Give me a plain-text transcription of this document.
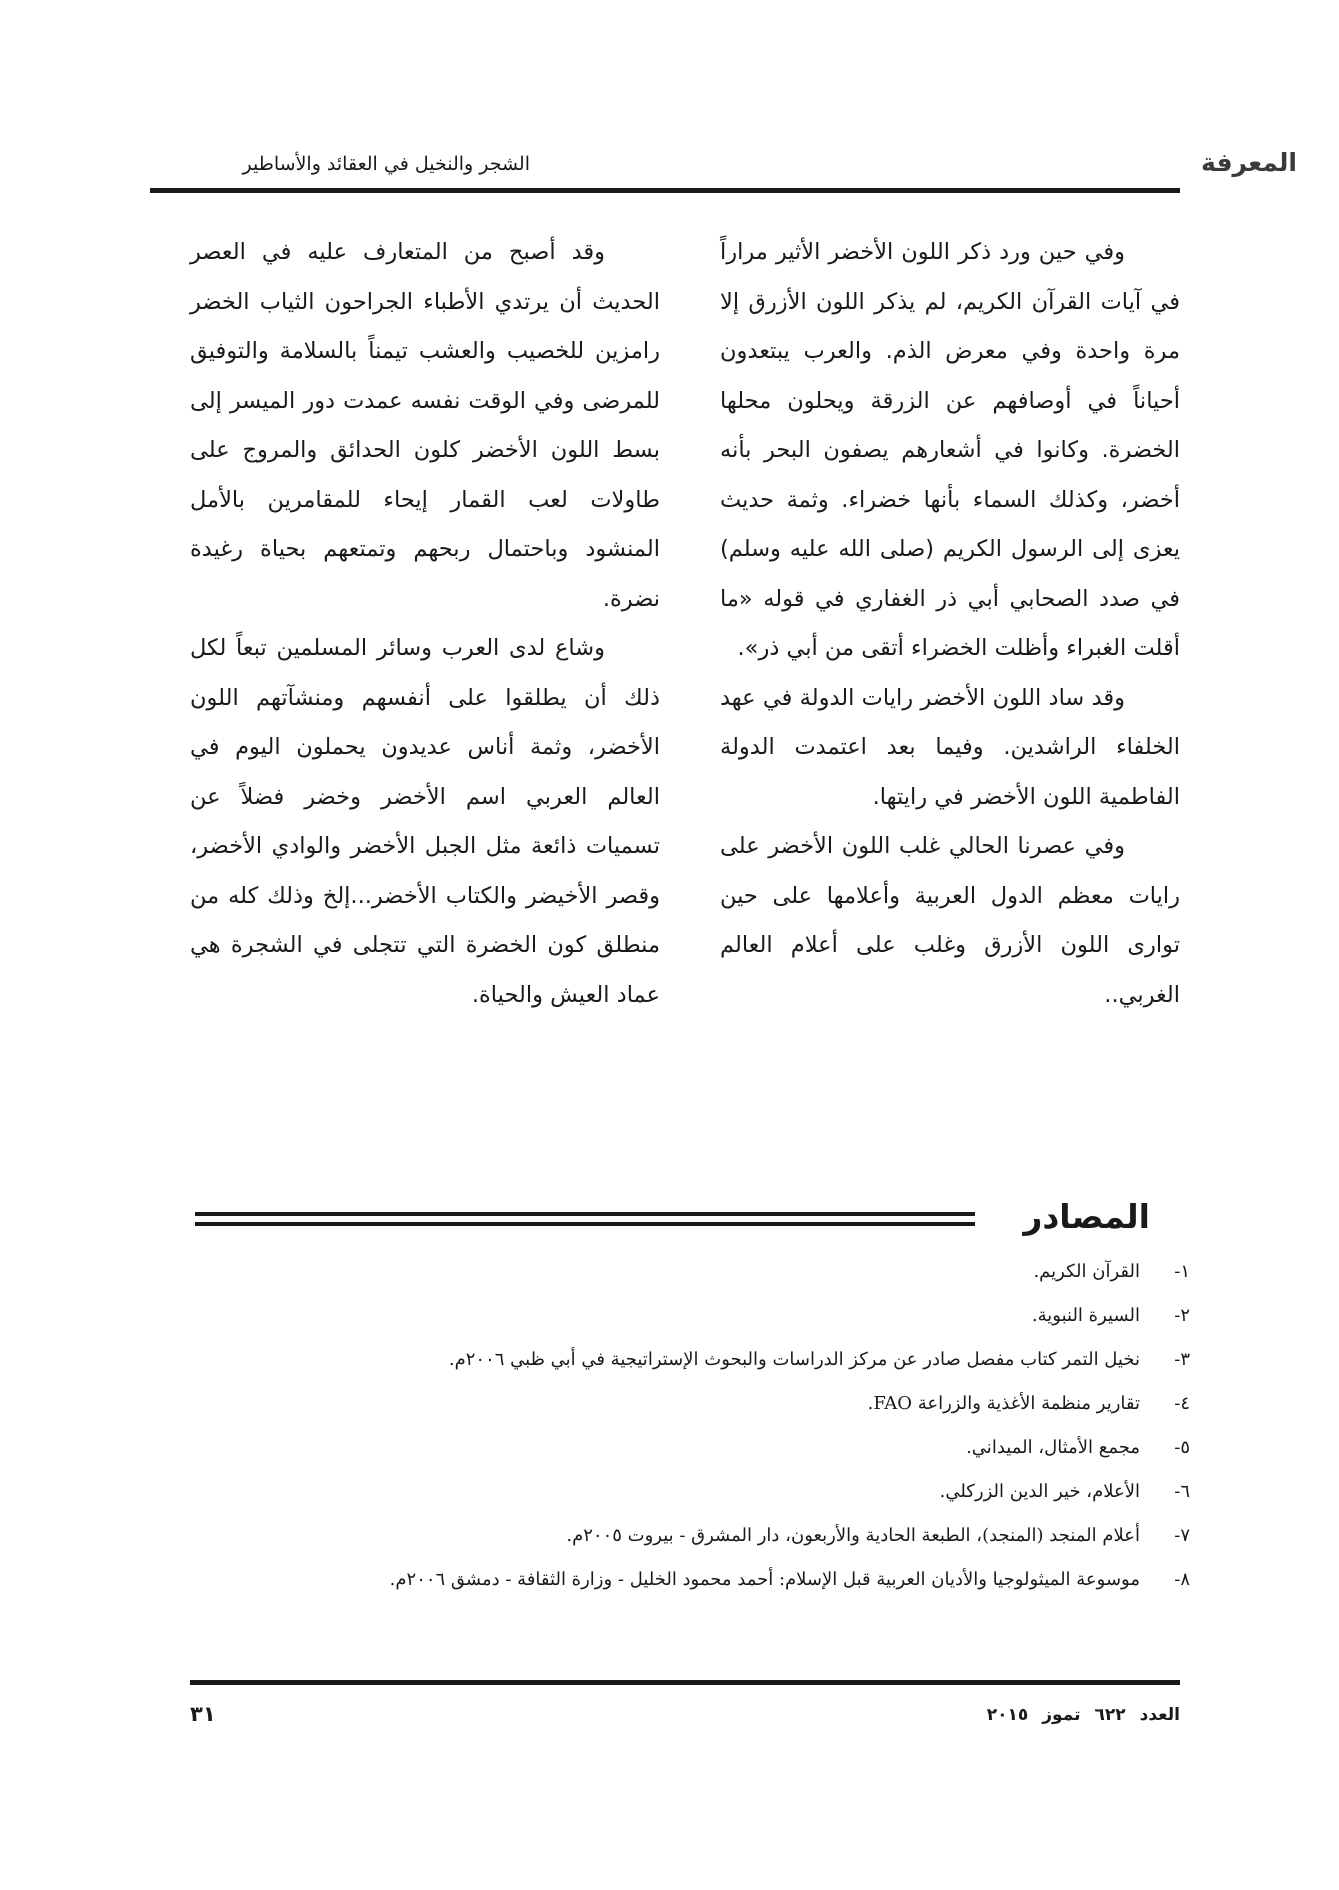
المعرفة
الشجر والنخيل في العقائد والأساطير

وفي حين ورد ذكر اللون الأخضر الأثير مراراً في آيات القرآن الكريم، لم يذكر اللون الأزرق إلا مرة واحدة وفي معرض الذم. والعرب يبتعدون أحياناً في أوصافهم عن الزرقة ويحلون محلها الخضرة. وكانوا في أشعارهم يصفون البحر بأنه أخضر، وكذلك السماء بأنها خضراء. وثمة حديث يعزى إلى الرسول الكريم (صلى الله عليه وسلم) في صدد الصحابي أبي ذر الغفاري في قوله «ما أقلت الغبراء وأظلت الخضراء أتقى من أبي ذر».

وقد ساد اللون الأخضر رايات الدولة في عهد الخلفاء الراشدين. وفيما بعد اعتمدت الدولة الفاطمية اللون الأخضر في رايتها.

وفي عصرنا الحالي غلب اللون الأخضر على رايات معظم الدول العربية وأعلامها على حين توارى اللون الأزرق وغلب على أعلام العالم الغربي..

وقد أصبح من المتعارف عليه في العصر الحديث أن يرتدي الأطباء الجراحون الثياب الخضر رامزين للخصيب والعشب تيمناً بالسلامة والتوفيق للمرضى وفي الوقت نفسه عمدت دور الميسر إلى بسط اللون الأخضر كلون الحدائق والمروج على طاولات لعب القمار إيحاء للمقامرين بالأمل المنشود وباحتمال ربحهم وتمتعهم بحياة رغيدة نضرة.

وشاع لدى العرب وسائر المسلمين تبعاً لكل ذلك أن يطلقوا على أنفسهم ومنشآتهم اللون الأخضر، وثمة أناس عديدون يحملون اليوم في العالم العربي اسم الأخضر وخضر فضلاً عن تسميات ذائعة مثل الجبل الأخضر والوادي الأخضر، وقصر الأخيضر والكتاب الأخضر...إلخ وذلك كله من منطلق كون الخضرة التي تتجلى في الشجرة هي عماد العيش والحياة.

المصادر
١-
القرآن الكريم.
٢-
السيرة النبوية.
٣-
نخيل التمر كتاب مفصل صادر عن مركز الدراسات والبحوث الإستراتيجية في أبي ظبي ٢٠٠٦م.
٤-
تقارير منظمة الأغذية والزراعة FAO.
٥-
مجمع الأمثال، الميداني.
٦-
الأعلام، خير الدين الزركلي.
٧-
أعلام المنجد (المنجد)، الطبعة الحادية والأربعون، دار المشرق - بيروت ٢٠٠٥م.
٨-
موسوعة الميثولوجيا والأديان العربية قبل الإسلام: أحمد محمود الخليل - وزارة الثقافة - دمشق ٢٠٠٦م.
العدد٦٢٢تموز٢٠١٥
٣١
